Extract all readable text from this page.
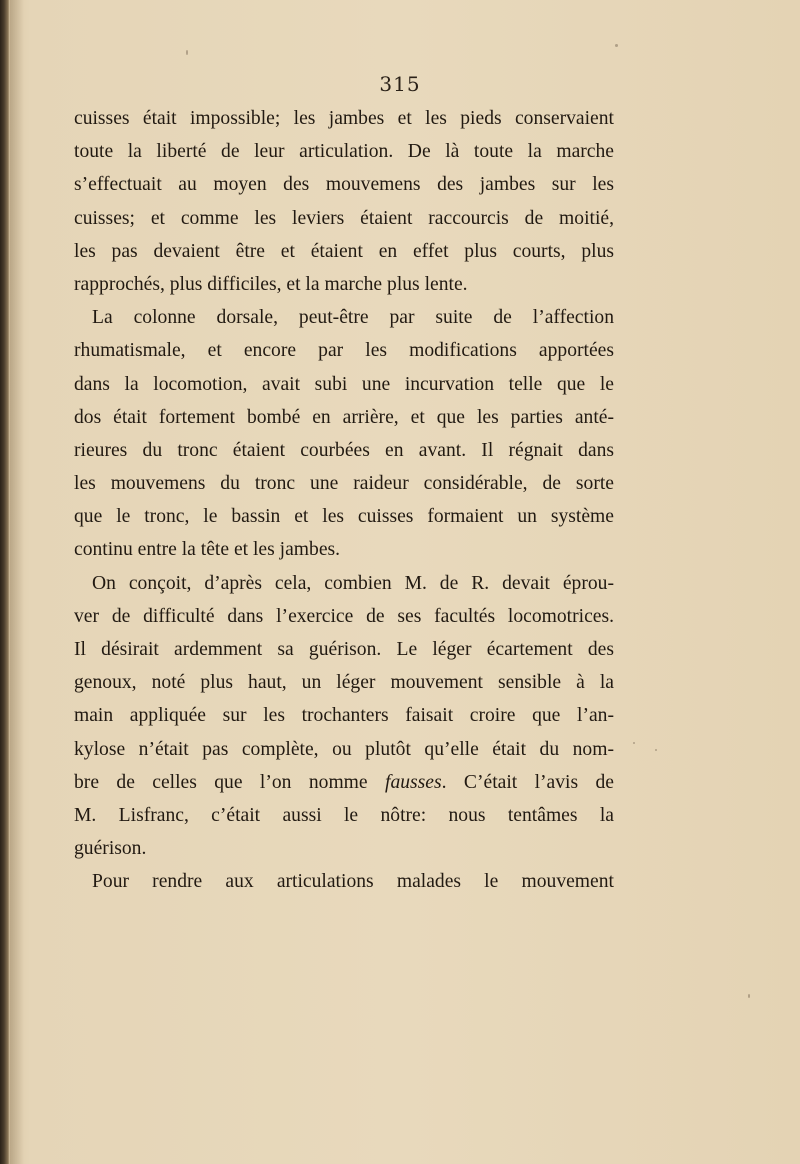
315
cuisses était impossible; les jambes et les pieds conservaient
toute la liberté de leur articulation. De là toute la marche
s’effectuait au moyen des mouvemens des jambes sur les
cuisses; et comme les leviers étaient raccourcis de moitié,
les pas devaient être et étaient en effet plus courts, plus
rapprochés, plus difficiles, et la marche plus lente.
La colonne dorsale, peut-être par suite de l’affection
rhumatismale, et encore par les modifications apportées
dans la locomotion, avait subi une incurvation telle que le
dos était fortement bombé en arrière, et que les parties anté-
rieures du tronc étaient courbées en avant. Il régnait dans
les mouvemens du tronc une raideur considérable, de sorte
que le tronc, le bassin et les cuisses formaient un système
continu entre la tête et les jambes.
On conçoit, d’après cela, combien M. de R. devait éprou-
ver de difficulté dans l’exercice de ses facultés locomotrices.
Il désirait ardemment sa guérison. Le léger écartement des
genoux, noté plus haut, un léger mouvement sensible à la
main appliquée sur les trochanters faisait croire que l’an-
kylose n’était pas complète, ou plutôt qu’elle était du nom-
bre de celles que l’on nomme fausses. C’était l’avis de
M. Lisfranc, c’était aussi le nôtre: nous tentâmes la
guérison.
Pour rendre aux articulations malades le mouvement
